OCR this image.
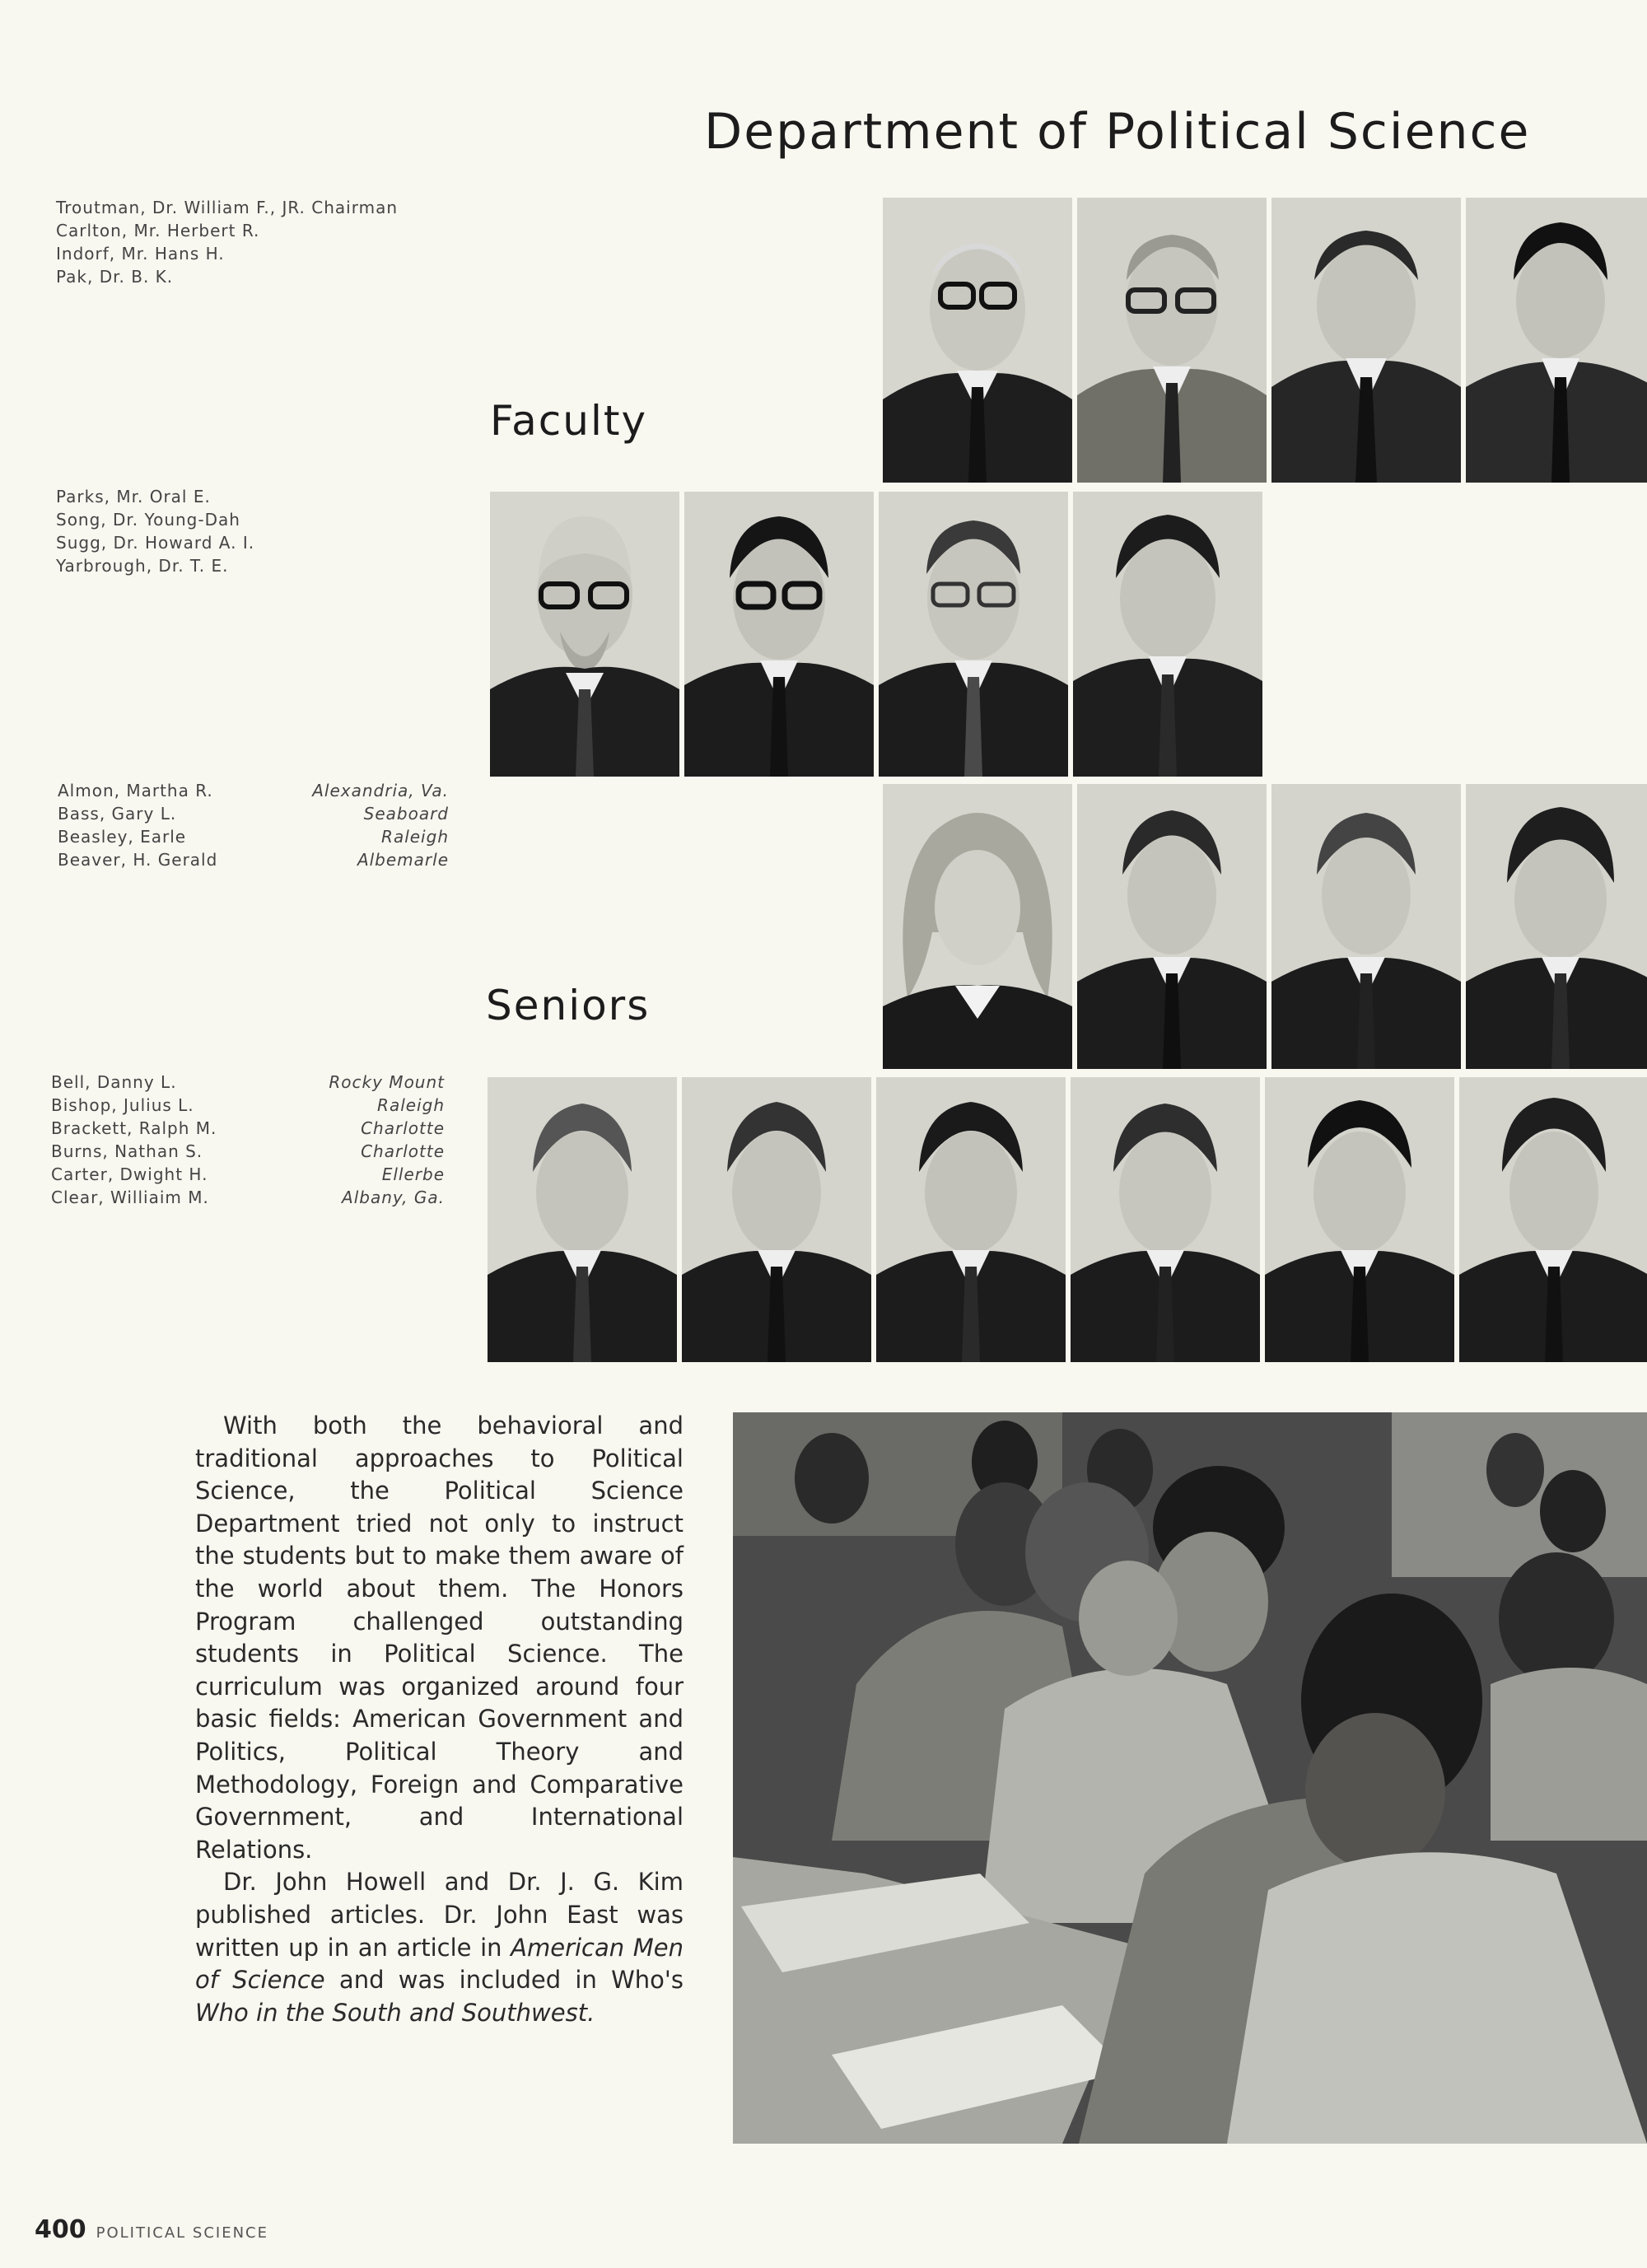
Department of Political Science
Troutman, Dr. William F., JR. Chairman
Carlton, Mr. Herbert R.
Indorf, Mr. Hans H.
Pak, Dr. B. K.
Parks, Mr. Oral E.
Song, Dr. Young-Dah
Sugg, Dr. Howard A. I.
Yarbrough, Dr. T. E.
Faculty
Almon, Martha R.
Bass, Gary L.
Beasley, Earle
Beaver, H. Gerald
Alexandria, Va.
Seaboard
Raleigh
Albemarle
Seniors
Bell, Danny L.
Bishop, Julius L.
Brackett, Ralph M.
Burns, Nathan S.
Carter, Dwight H.
Clear, Williaim M.
Rocky Mount
Raleigh
Charlotte
Charlotte
Ellerbe
Albany, Ga.

With both the behavioral and traditional approaches to Political Science, the Political Science Department tried not only to instruct the students but to make them aware of the world about them. The Honors Program challenged outstanding students in Political Science. The curriculum was organized around four basic fields: American Government and Politics, Political Theory and Methodology, Foreign and Comparative Government, and International Relations.

Dr. John Howell and Dr. J. G. Kim published articles. Dr. John East was written up in an article in American Men of Science and was included in Who's Who in the South and Southwest.

400 POLITICAL SCIENCE
